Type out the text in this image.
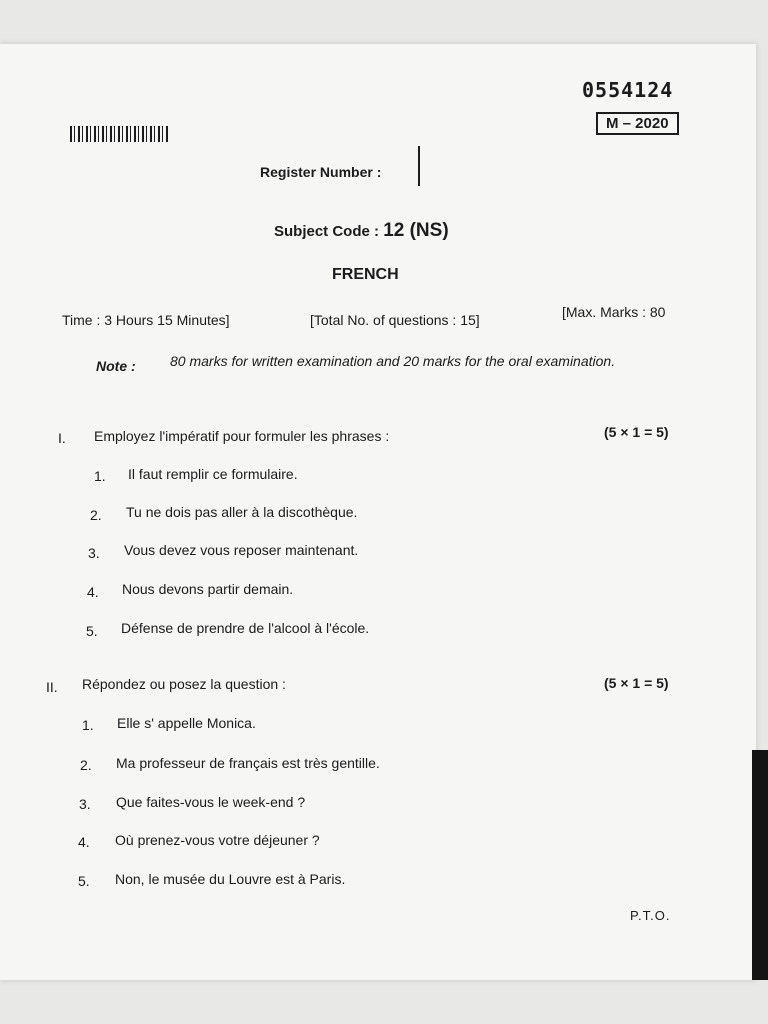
0554124
M – 2020
Register Number :
Subject Code : 12 (NS)
FRENCH
Time : 3 Hours 15 Minutes]	[Total No. of questions : 15]	[Max. Marks : 80
Note : 80 marks for written examination and 20 marks for the oral examination.
I. Employez l'impératif pour formuler les phrases :	(5 × 1 = 5)
1. Il faut remplir ce formulaire.
2. Tu ne dois pas aller à la discothèque.
3. Vous devez vous reposer maintenant.
4. Nous devons partir demain.
5. Défense de prendre de l'alcool à l'école.
II. Répondez ou posez la question :	(5 × 1 = 5)
1. Elle s' appelle Monica.
2. Ma professeur de français est très gentille.
3. Que faites-vous le week-end ?
4. Où prenez-vous votre déjeuner ?
5. Non, le musée du Louvre est à Paris.
P.T.O.
